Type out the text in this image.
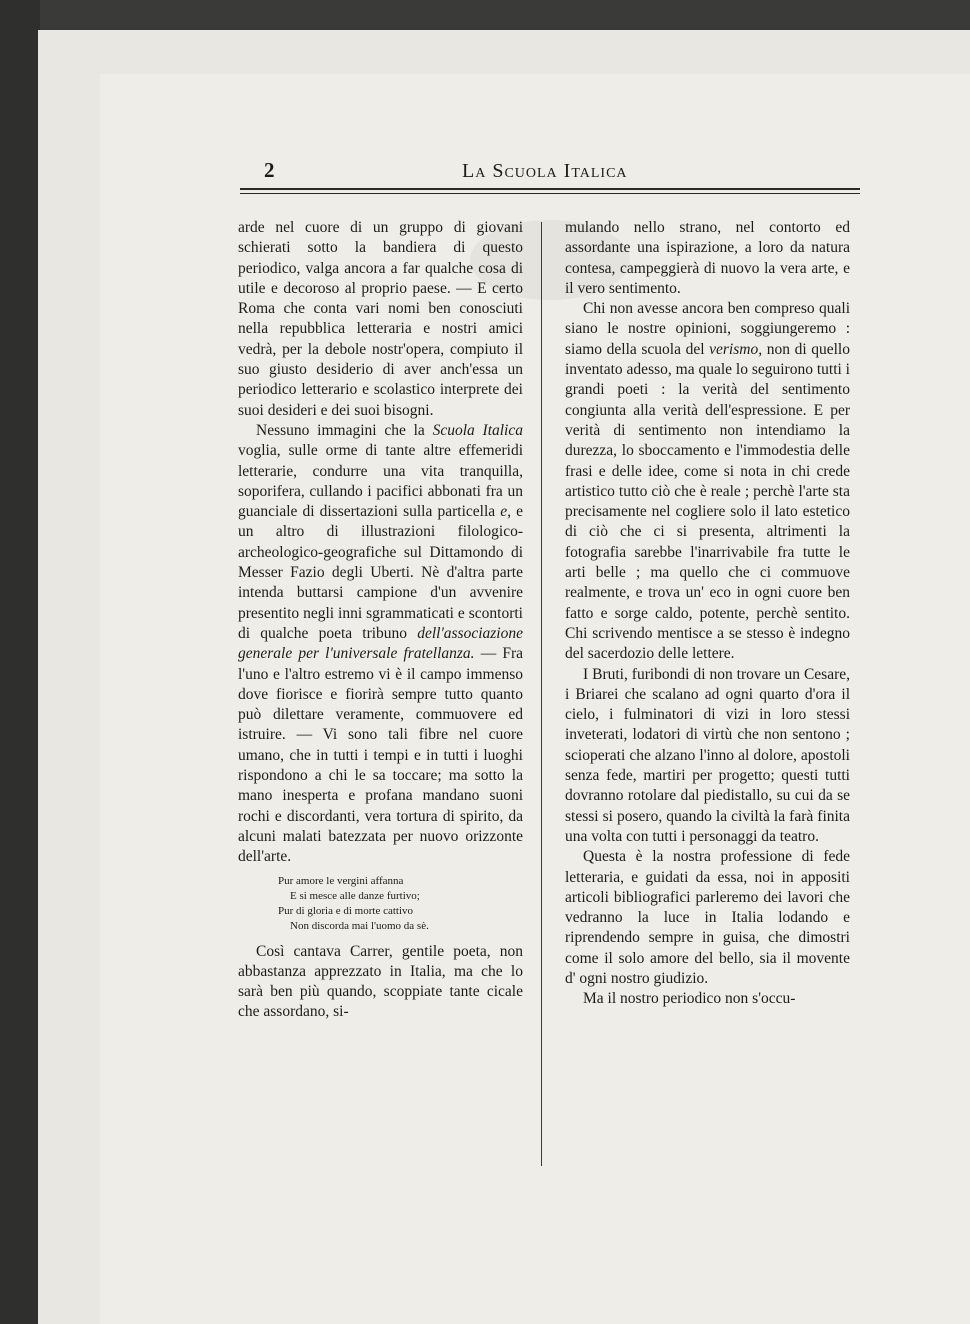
2	La Scuola Italica

arde nel cuore di un gruppo di giovani schierati sotto la bandiera di questo periodico, valga ancora a far qualche cosa di utile e decoroso al proprio paese. — E certo Roma che conta vari nomi ben conosciuti nella repubblica letteraria e nostri amici vedrà, per la debole nostr'opera, compiuto il suo giusto desiderio di aver anch'essa un periodico letterario e scolastico interprete dei suoi desideri e dei suoi bisogni.

Nessuno immagini che la Scuola Italica voglia, sulle orme di tante altre effemeridi letterarie, condurre una vita tranquilla, soporifera, cullando i pacifici abbonati fra un guanciale di dissertazioni sulla particella e, e un altro di illustrazioni filologico-archeologico-geografiche sul Dittamondo di Messer Fazio degli Uberti. Nè d'altra parte intenda buttarsi campione d'un avvenire presentito negli inni sgrammaticati e scontorti di qualche poeta tribuno dell'associazione generale per l'universale fratellanza. — Fra l'uno e l'altro estremo vi è il campo immenso dove fiorisce e fiorirà sempre tutto quanto può dilettare veramente, commuovere ed istruire. — Vi sono tali fibre nel cuore umano, che in tutti i tempi e in tutti i luoghi rispondono a chi le sa toccare; ma sotto la mano inesperta e profana mandano suoni rochi e discordanti, vera tortura di spirito, da alcuni malati batezzata per nuovo orizzonte dell'arte.

Pur amore le vergini affanna
E si mesce alle danze furtivo;
Pur di gloria e di morte cattivo
Non discorda mai l'uomo da sè.

Così cantava Carrer, gentile poeta, non abbastanza apprezzato in Italia, ma che lo sarà ben più quando, scoppiate tante cicale che assordano, si-

mulando nello strano, nel contorto ed assordante una ispirazione, a loro da natura contesa, campeggierà di nuovo la vera arte, e il vero sentimento.

Chi non avesse ancora ben compreso quali siano le nostre opinioni, soggiungeremo : siamo della scuola del verismo, non di quello inventato adesso, ma quale lo seguirono tutti i grandi poeti : la verità del sentimento congiunta alla verità dell'espressione. E per verità di sentimento non intendiamo la durezza, lo sboccamento e l'immodestia delle frasi e delle idee, come si nota in chi crede artistico tutto ciò che è reale ; perchè l'arte sta precisamente nel cogliere solo il lato estetico di ciò che ci si presenta, altrimenti la fotografia sarebbe l'inarrivabile fra tutte le arti belle ; ma quello che ci commuove realmente, e trova un' eco in ogni cuore ben fatto e sorge caldo, potente, perchè sentito. Chi scrivendo mentisce a se stesso è indegno del sacerdozio delle lettere.

I Bruti, furibondi di non trovare un Cesare, i Briarei che scalano ad ogni quarto d'ora il cielo, i fulminatori di vizi in loro stessi inveterati, lodatori di virtù che non sentono ; scioperati che alzano l'inno al dolore, apostoli senza fede, martiri per progetto; questi tutti dovranno rotolare dal piedistallo, su cui da se stessi si posero, quando la civiltà la farà finita una volta con tutti i personaggi da teatro.

Questa è la nostra professione di fede letteraria, e guidati da essa, noi in appositi articoli bibliografici parleremo dei lavori che vedranno la luce in Italia lodando e riprendendo sempre in guisa, che dimostri come il solo amore del bello, sia il movente d' ogni nostro giudizio.

Ma il nostro periodico non s'occu-
